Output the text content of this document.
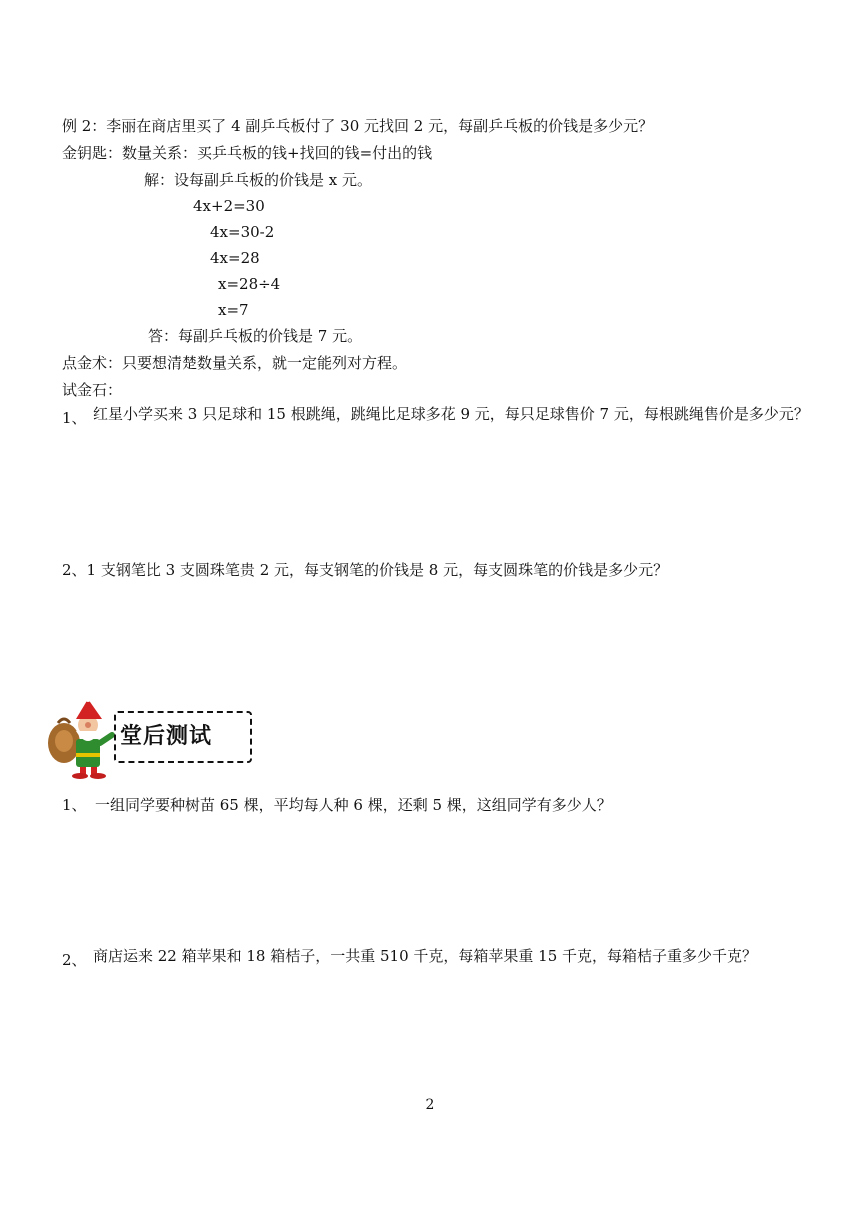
例 2：李丽在商店里买了 4 副乒乓板付了 30 元找回 2 元，每副乒乓板的价钱是多少元？
金钥匙：数量关系：买乒乓板的钱+找回的钱=付出的钱
解：设每副乒乓板的价钱是 x 元。
4x+2=30
4x=30-2
4x=28
x=28÷4
x=7
答：每副乒乓板的价钱是 7 元。
点金术：只要想清楚数量关系，就一定能列对方程。
试金石：
1、 红星小学买来 3 只足球和 15 根跳绳，跳绳比足球多花 9 元，每只足球售价 7 元，每根跳绳售价是多少元？
2、1 支钢笔比 3 支圆珠笔贵 2 元，每支钢笔的价钱是 8 元，每支圆珠笔的价钱是多少元？
堂后测试
1、 一组同学要种树苗 65 棵，平均每人种 6 棵，还剩 5 棵，这组同学有多少人？
2、 商店运来 22 箱苹果和 18 箱桔子，一共重 510 千克，每箱苹果重 15 千克，每箱桔子重多少千克？
2
